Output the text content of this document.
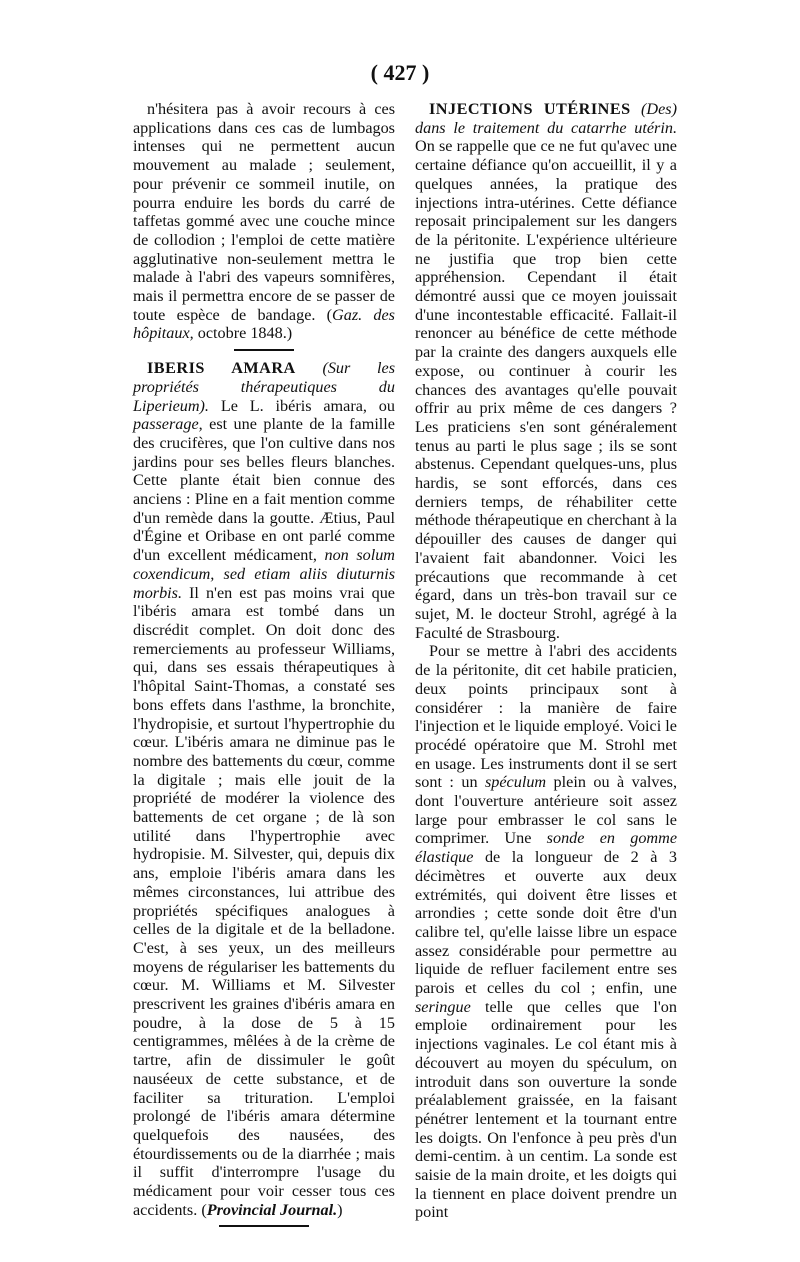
( 427 )

n'hésitera pas à avoir recours à ces applications dans ces cas de lumbagos intenses qui ne permettent aucun mouvement au malade ; seulement, pour prévenir ce sommeil inutile, on pourra enduire les bords du carré de taffetas gommé avec une couche mince de collodion ; l'emploi de cette matière agglutinative non-seulement mettra le malade à l'abri des vapeurs somnifères, mais il permettra encore de se passer de toute espèce de bandage. (Gaz. des hôpitaux, octobre 1848.)

IBERIS AMARA (Sur les propriétés thérapeutiques du Liperieum). Le L. ibéris amara, ou passerage, est une plante de la famille des crucifères, que l'on cultive dans nos jardins pour ses belles fleurs blanches. Cette plante était bien connue des anciens : Pline en a fait mention comme d'un remède dans la goutte. Ætius, Paul d'Égine et Oribase en ont parlé comme d'un excellent médicament, non solum coxendicum, sed etiam aliis diuturnis morbis. Il n'en est pas moins vrai que l'ibéris amara est tombé dans un discrédit complet. On doit donc des remerciements au professeur Williams, qui, dans ses essais thérapeutiques à l'hôpital Saint-Thomas, a constaté ses bons effets dans l'asthme, la bronchite, l'hydropisie, et surtout l'hypertrophie du cœur. L'ibéris amara ne diminue pas le nombre des battements du cœur, comme la digitale ; mais elle jouit de la propriété de modérer la violence des battements de cet organe ; de là son utilité dans l'hypertrophie avec hydropisie. M. Silvester, qui, depuis dix ans, emploie l'ibéris amara dans les mêmes circonstances, lui attribue des propriétés spécifiques analogues à celles de la digitale et de la belladone. C'est, à ses yeux, un des meilleurs moyens de régulariser les battements du cœur. M. Williams et M. Silvester prescrivent les graines d'ibéris amara en poudre, à la dose de 5 à 15 centigrammes, mêlées à de la crème de tartre, afin de dissimuler le goût nauséeux de cette substance, et de faciliter sa trituration. L'emploi prolongé de l'ibéris amara détermine quelquefois des nausées, des étourdissements ou de la diarrhée ; mais il suffit d'interrompre l'usage du médicament pour voir cesser tous ces accidents. (Provincial Journal.)

INJECTIONS UTÉRINES (Des) dans le traitement du catarrhe utérin. On se rappelle que ce ne fut qu'avec une certaine défiance qu'on accueillit, il y a quelques années, la pratique des injections intra-utérines. Cette défiance reposait principalement sur les dangers de la péritonite. L'expérience ultérieure ne justifia que trop bien cette appréhension. Cependant il était démontré aussi que ce moyen jouissait d'une incontestable efficacité. Fallait-il renoncer au bénéfice de cette méthode par la crainte des dangers auxquels elle expose, ou continuer à courir les chances des avantages qu'elle pouvait offrir au prix même de ces dangers ? Les praticiens s'en sont généralement tenus au parti le plus sage ; ils se sont abstenus. Cependant quelques-uns, plus hardis, se sont efforcés, dans ces derniers temps, de réhabiliter cette méthode thérapeutique en cherchant à la dépouiller des causes de danger qui l'avaient fait abandonner. Voici les précautions que recommande à cet égard, dans un très-bon travail sur ce sujet, M. le docteur Strohl, agrégé à la Faculté de Strasbourg.

Pour se mettre à l'abri des accidents de la péritonite, dit cet habile praticien, deux points principaux sont à considérer : la manière de faire l'injection et le liquide employé. Voici le procédé opératoire que M. Strohl met en usage. Les instruments dont il se sert sont : un spéculum plein ou à valves, dont l'ouverture antérieure soit assez large pour embrasser le col sans le comprimer. Une sonde en gomme élastique de la longueur de 2 à 3 décimètres et ouverte aux deux extrémités, qui doivent être lisses et arrondies ; cette sonde doit être d'un calibre tel, qu'elle laisse libre un espace assez considérable pour permettre au liquide de refluer facilement entre ses parois et celles du col ; enfin, une seringue telle que celles que l'on emploie ordinairement pour les injections vaginales. Le col étant mis à découvert au moyen du spéculum, on introduit dans son ouverture la sonde préalablement graissée, en la faisant pénétrer lentement et la tournant entre les doigts. On l'enfonce à peu près d'un demi-centim. à un centim. La sonde est saisie de la main droite, et les doigts qui la tiennent en place doivent prendre un point
